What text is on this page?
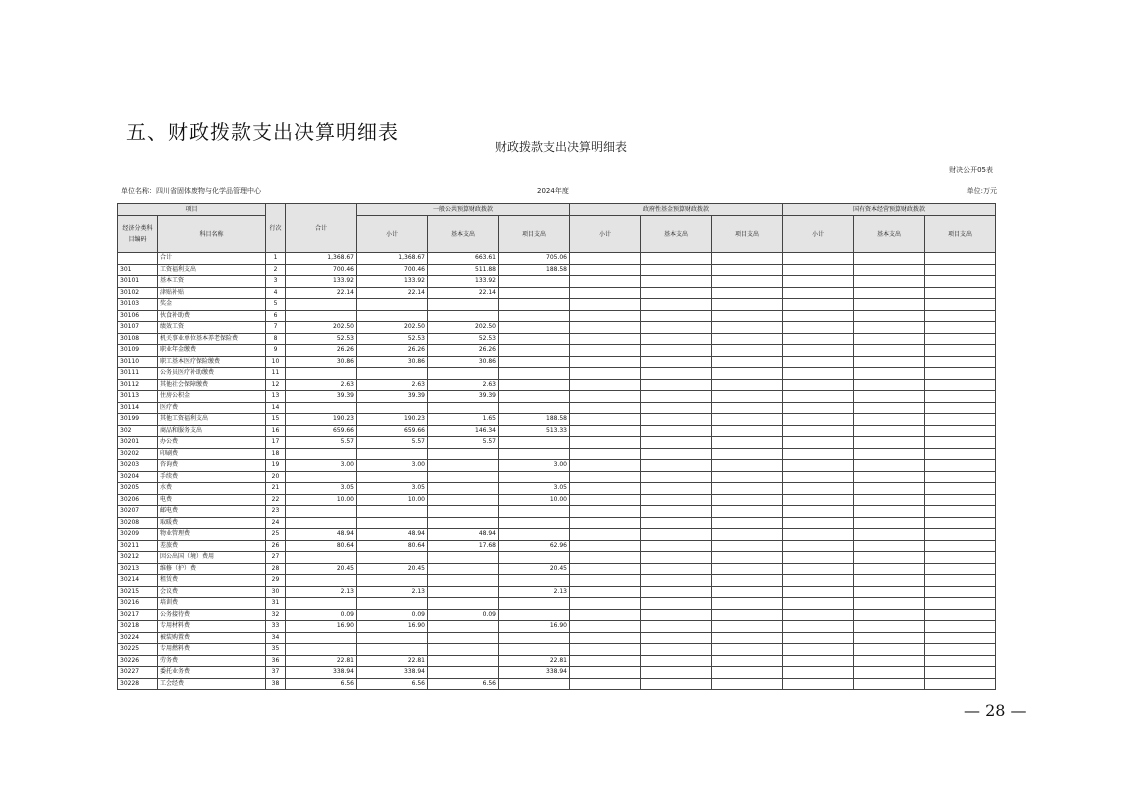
五、财政拨款支出决算明细表
财政拨款支出决算明细表
财决公开05表
单位名称：四川省固体废物与化学品管理中心	2024年度	单位:万元
项目		行次	合计	一般公共预算财政拨款			政府性基金预算财政拨款			国有资本经营预算财政拨款		
经济分类科目编码	科目名称			小计	基本支出	项目支出	小计	基本支出	项目支出	小计	基本支出	项目支出
	合计	1	1,368.67	1,368.67	663.61	705.06						
301	工资福利支出	2	700.46	700.46	511.88	188.58						
30101	基本工资	3	133.92	133.92	133.92							
30102	津贴补贴	4	22.14	22.14	22.14							
30103	奖金	5										
30106	伙食补助费	6										
30107	绩效工资	7	202.50	202.50	202.50							
30108	机关事业单位基本养老保险费	8	52.53	52.53	52.53							
30109	职业年金缴费	9	26.26	26.26	26.26							
30110	职工基本医疗保险缴费	10	30.86	30.86	30.86							
30111	公务员医疗补助缴费	11										
30112	其他社会保障缴费	12	2.63	2.63	2.63							
30113	住房公积金	13	39.39	39.39	39.39							
30114	医疗费	14										
30199	其他工资福利支出	15	190.23	190.23	1.65	188.58						
302	商品和服务支出	16	659.66	659.66	146.34	513.33						
30201	办公费	17	5.57	5.57	5.57							
30202	印刷费	18										
30203	咨询费	19	3.00	3.00		3.00						
30204	手续费	20										
30205	水费	21	3.05	3.05		3.05						
30206	电费	22	10.00	10.00		10.00						
30207	邮电费	23										
30208	取暖费	24										
30209	物业管理费	25	48.94	48.94	48.94							
30211	差旅费	26	80.64	80.64	17.68	62.96						
30212	因公出国（境）费用	27										
30213	维修（护）费	28	20.45	20.45		20.45						
30214	租赁费	29										
30215	会议费	30	2.13	2.13		2.13						
30216	培训费	31										
30217	公务接待费	32	0.09	0.09	0.09							
30218	专用材料费	33	16.90	16.90		16.90						
30224	被装购置费	34										
30225	专用燃料费	35										
30226	劳务费	36	22.81	22.81		22.81						
30227	委托业务费	37	338.94	338.94		338.94						
30228	工会经费	38	6.56	6.56	6.56							
— 28 —
